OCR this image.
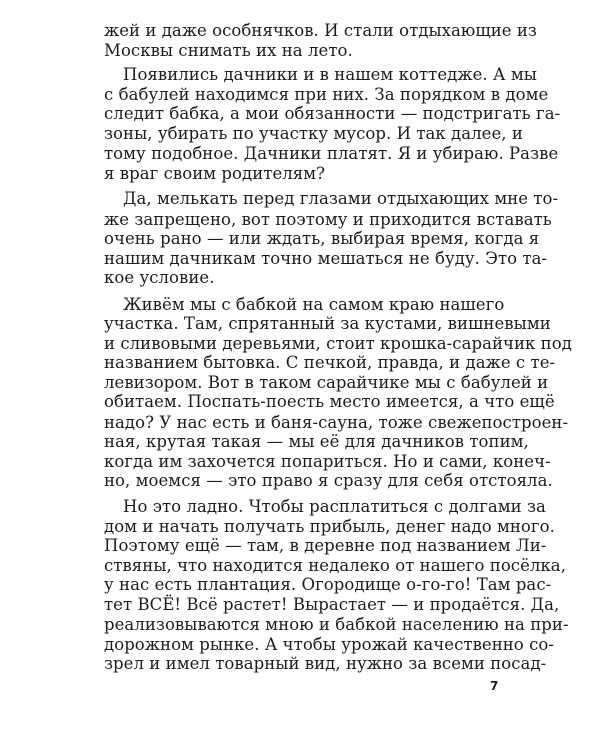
жей и даже особнячков. И стали отдыхающие из
Москвы снимать их на лето.
Появились дачники и в нашем коттедже. А мы
с бабулей находимся при них. За порядком в доме
следит бабка, а мои обязанности — подстригать га-
зоны, убирать по участку мусор. И так далее, и
тому подобное. Дачники платят. Я и убираю. Разве
я враг своим родителям?
Да, мелькать перед глазами отдыхающих мне то-
же запрещено, вот поэтому и приходится вставать
очень рано — или ждать, выбирая время, когда я
нашим дачникам точно мешаться не буду. Это та-
кое условие.
Живём мы с бабкой на самом краю нашего
участка. Там, спрятанный за кустами, вишневыми
и сливовыми деревьями, стоит крошка-сарайчик под
названием бытовка. С печкой, правда, и даже с те-
левизором. Вот в таком сарайчике мы с бабулей и
обитаем. Поспать-поесть место имеется, а что ещё
надо? У нас есть и баня-сауна, тоже свежепостроен-
ная, крутая такая — мы её для дачников топим,
когда им захочется попариться. Но и сами, конеч-
но, моемся — это право я сразу для себя отстояла.
Но это ладно. Чтобы расплатиться с долгами за
дом и начать получать прибыль, денег надо много.
Поэтому ещё — там, в деревне под названием Ли-
ствяны, что находится недалеко от нашего посёлка,
у нас есть плантация. Огородище о-го-го! Там рас-
тет ВСЁ! Всё растет! Вырастает — и продаётся. Да,
реализовываются мною и бабкой населению на при-
дорожном рынке. А чтобы урожай качественно со-
зрел и имел товарный вид, нужно за всеми посад-
7
